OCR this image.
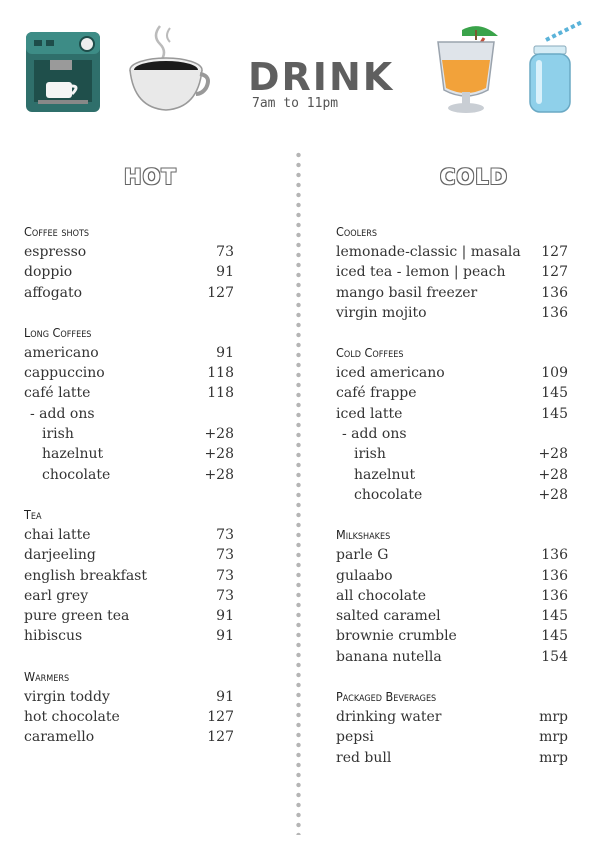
DRINK
7am to 11pm
HOT	COLD
Coffee shots
espresso	73
doppio	91
affogato	127
Long Coffees
americano	91
cappuccino	118
café latte	118
- add ons
irish	+28
hazelnut	+28
chocolate	+28
Tea
chai latte	73
darjeeling	73
english breakfast	73
earl grey	73
pure green tea	91
hibiscus	91
Warmers
virgin toddy	91
hot chocolate	127
caramello	127
Coolers
lemonade-classic | masala 127
iced tea - lemon | peach	127
mango basil freezer	136
virgin mojito	136
Cold Coffees
iced americano	109
café frappe	145
iced latte	145
- add ons
irish	+28
hazelnut	+28
chocolate	+28
Milkshakes
parle G	136
gulaabo	136
all chocolate	136
salted caramel	145
brownie crumble	145
banana nutella	154
Packaged Beverages
drinking water	mrp
pepsi	mrp
red bull	mrp
